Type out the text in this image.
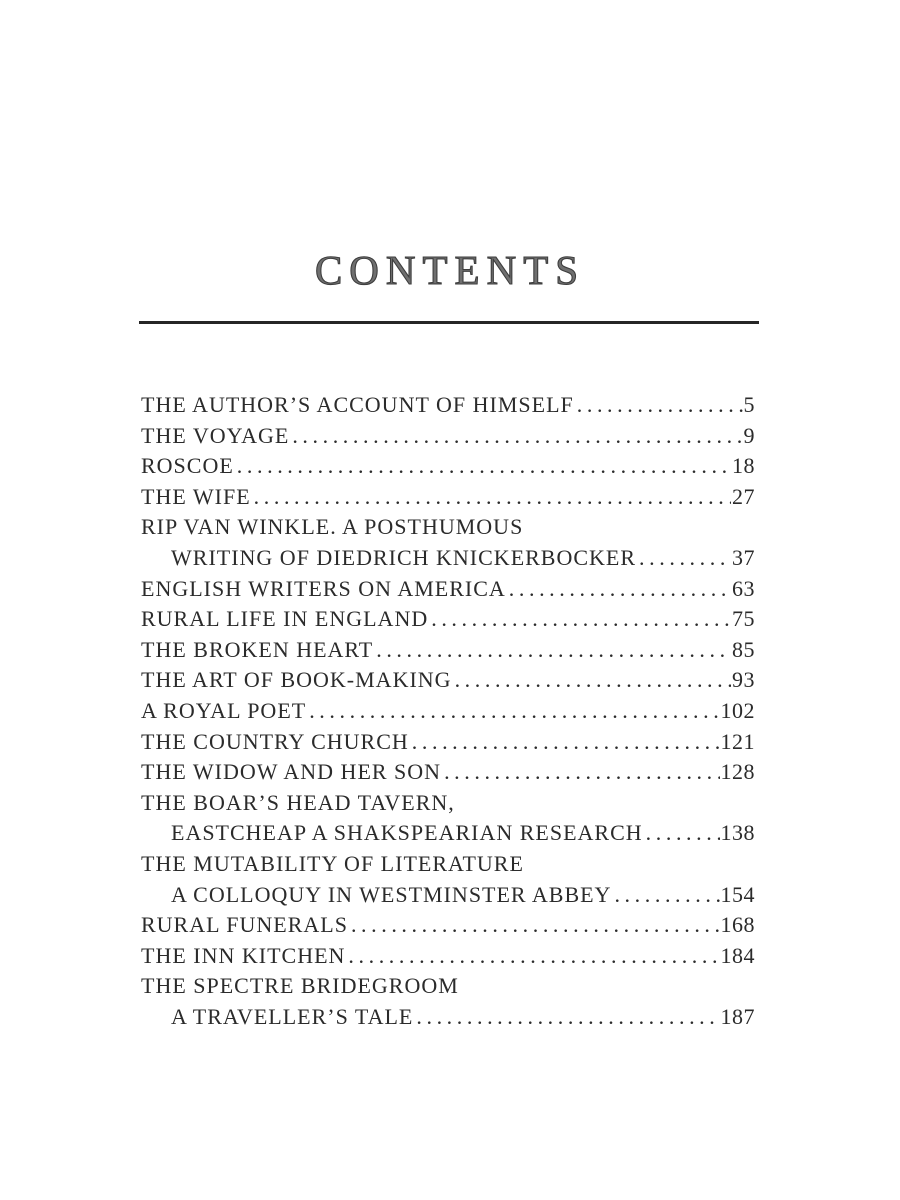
CONTENTS
THE AUTHOR’S ACCOUNT OF HIMSELF .....	5
THE VOYAGE .....	9
ROSCOE .....	18
THE WIFE .....	27
RIP VAN WINKLE. A POSTHUMOUS
WRITING OF DIEDRICH KNICKERBOCKER .....	37
ENGLISH WRITERS ON AMERICA .....	63
RURAL LIFE IN ENGLAND .....	75
THE BROKEN HEART .....	85
THE ART OF BOOK-MAKING .....	93
A ROYAL POET .....	102
THE COUNTRY CHURCH .....	121
THE WIDOW AND HER SON .....	128
THE BOAR’S HEAD TAVERN,
EASTCHEAP A SHAKSPEARIAN RESEARCH .....	138
THE MUTABILITY OF LITERATURE
A COLLOQUY IN WESTMINSTER ABBEY .....	154
RURAL FUNERALS .....	168
THE INN KITCHEN .....	184
THE SPECTRE BRIDEGROOM
A TRAVELLER’S TALE .....	187
